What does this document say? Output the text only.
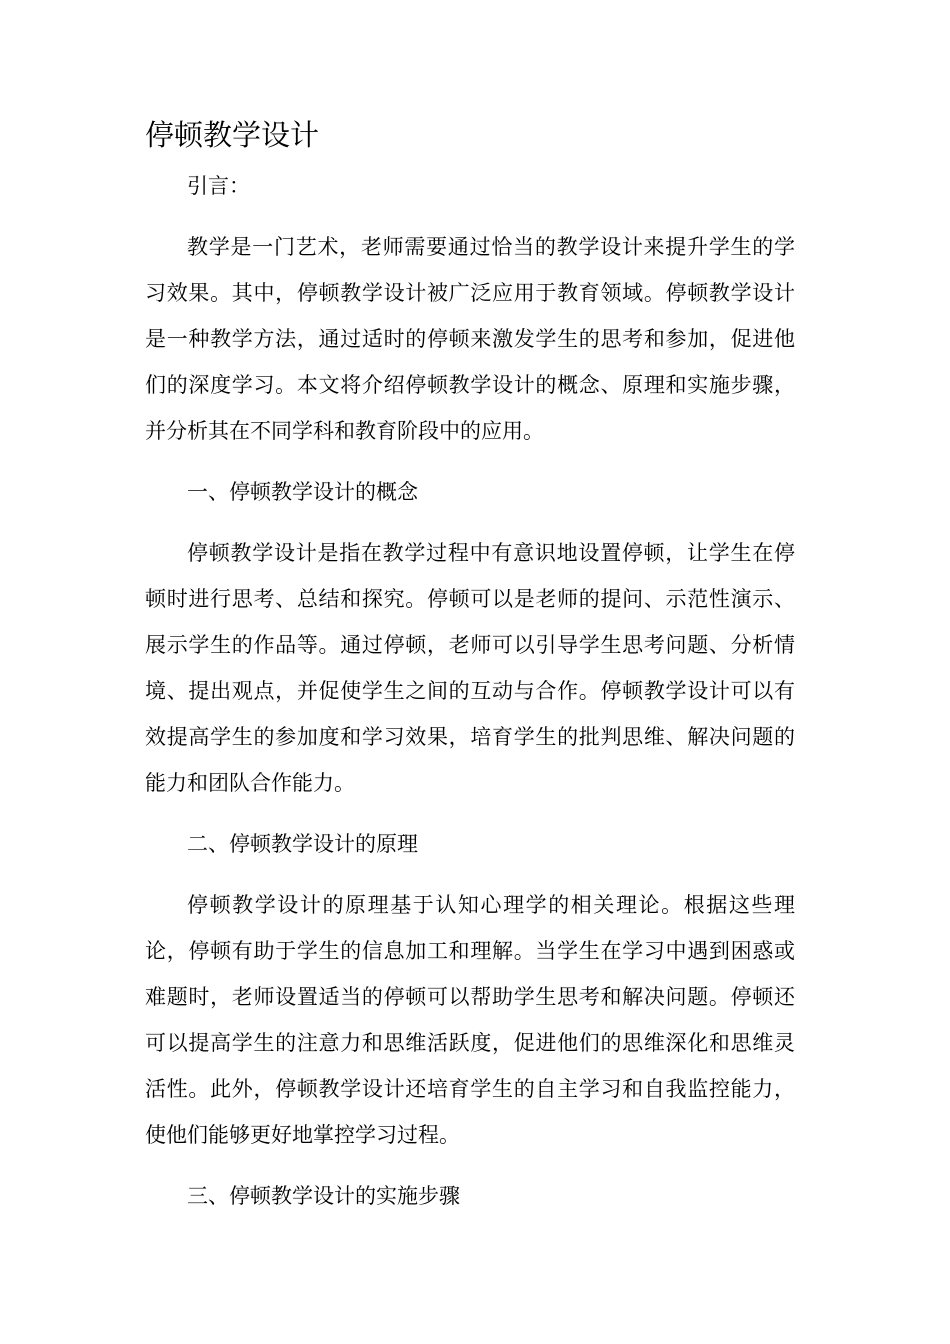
停顿教学设计

引言：

教学是一门艺术，老师需要通过恰当的教学设计来提升学生的学习效果。其中，停顿教学设计被广泛应用于教育领域。停顿教学设计是一种教学方法，通过适时的停顿来激发学生的思考和参加，促进他们的深度学习。本文将介绍停顿教学设计的概念、原理和实施步骤，并分析其在不同学科和教育阶段中的应用。

一、停顿教学设计的概念

停顿教学设计是指在教学过程中有意识地设置停顿，让学生在停顿时进行思考、总结和探究。停顿可以是老师的提问、示范性演示、展示学生的作品等。通过停顿，老师可以引导学生思考问题、分析情境、提出观点，并促使学生之间的互动与合作。停顿教学设计可以有效提高学生的参加度和学习效果，培育学生的批判思维、解决问题的能力和团队合作能力。

二、停顿教学设计的原理

停顿教学设计的原理基于认知心理学的相关理论。根据这些理论，停顿有助于学生的信息加工和理解。当学生在学习中遇到困惑或难题时，老师设置适当的停顿可以帮助学生思考和解决问题。停顿还可以提高学生的注意力和思维活跃度，促进他们的思维深化和思维灵活性。此外，停顿教学设计还培育学生的自主学习和自我监控能力，使他们能够更好地掌控学习过程。

三、停顿教学设计的实施步骤
